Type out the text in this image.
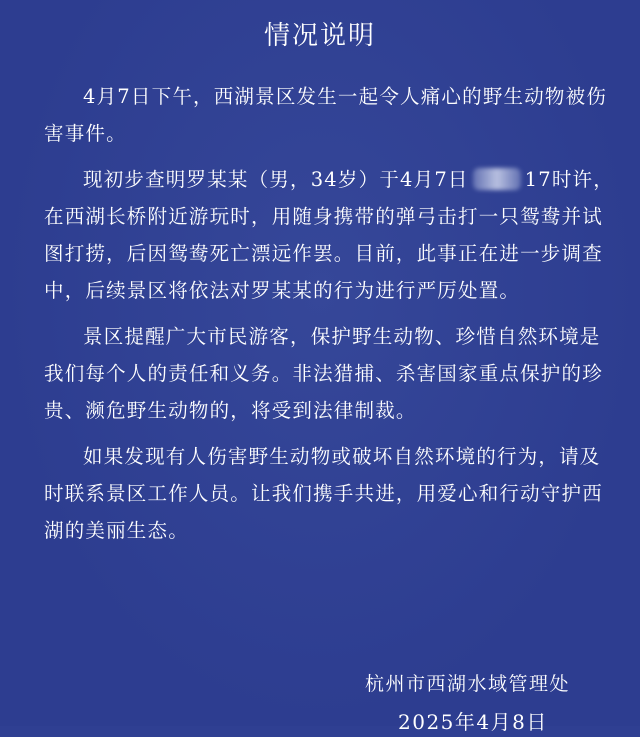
情况说明

4月7日下午，西湖景区发生一起令人痛心的野生动物被伤害事件。

现初步查明罗某某（男，34岁）于4月7日	17时许，在西湖长桥附近游玩时，用随身携带的弹弓击打一只鸳鸯并试图打捞，后因鸳鸯死亡漂远作罢。目前，此事正在进一步调查中，后续景区将依法对罗某某的行为进行严厉处置。

景区提醒广大市民游客，保护野生动物、珍惜自然环境是我们每个人的责任和义务。非法猎捕、杀害国家重点保护的珍贵、濒危野生动物的，将受到法律制裁。

如果发现有人伤害野生动物或破坏自然环境的行为，请及时联系景区工作人员。让我们携手共进，用爱心和行动守护西湖的美丽生态。

杭州市西湖水域管理处
2025年4月8日
